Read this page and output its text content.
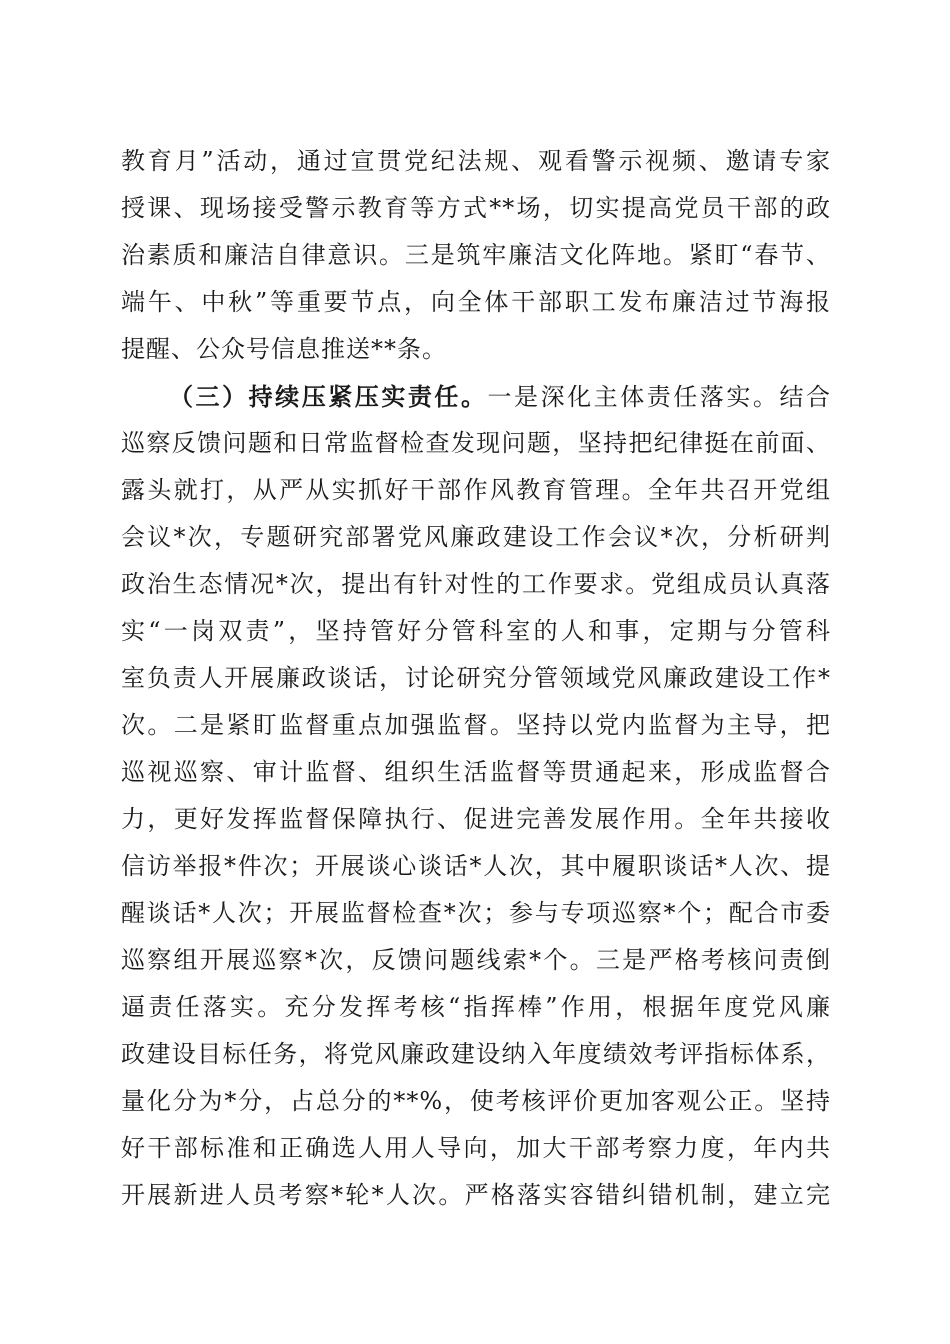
教育月”活动，通过宣贯党纪法规、观看警示视频、邀请专家
授课、现场接受警示教育等方式**场，切实提高党员干部的政
治素质和廉洁自律意识。三是筑牢廉洁文化阵地。紧盯“春节、
端午、中秋”等重要节点，向全体干部职工发布廉洁过节海报
提醒、公众号信息推送**条。
（三）持续压紧压实责任。一是深化主体责任落实。结合
巡察反馈问题和日常监督检查发现问题，坚持把纪律挺在前面、
露头就打，从严从实抓好干部作风教育管理。全年共召开党组
会议*次，专题研究部署党风廉政建设工作会议*次，分析研判
政治生态情况*次，提出有针对性的工作要求。党组成员认真落
实“一岗双责”，坚持管好分管科室的人和事，定期与分管科
室负责人开展廉政谈话，讨论研究分管领域党风廉政建设工作*
次。二是紧盯监督重点加强监督。坚持以党内监督为主导，把
巡视巡察、审计监督、组织生活监督等贯通起来，形成监督合
力，更好发挥监督保障执行、促进完善发展作用。全年共接收
信访举报*件次；开展谈心谈话*人次，其中履职谈话*人次、提
醒谈话*人次；开展监督检查*次；参与专项巡察*个；配合市委
巡察组开展巡察*次，反馈问题线索*个。三是严格考核问责倒
逼责任落实。充分发挥考核“指挥棒”作用，根据年度党风廉
政建设目标任务，将党风廉政建设纳入年度绩效考评指标体系，
量化分为*分，占总分的**%，使考核评价更加客观公正。坚持
好干部标准和正确选人用人导向，加大干部考察力度，年内共
开展新进人员考察*轮*人次。严格落实容错纠错机制，建立完
